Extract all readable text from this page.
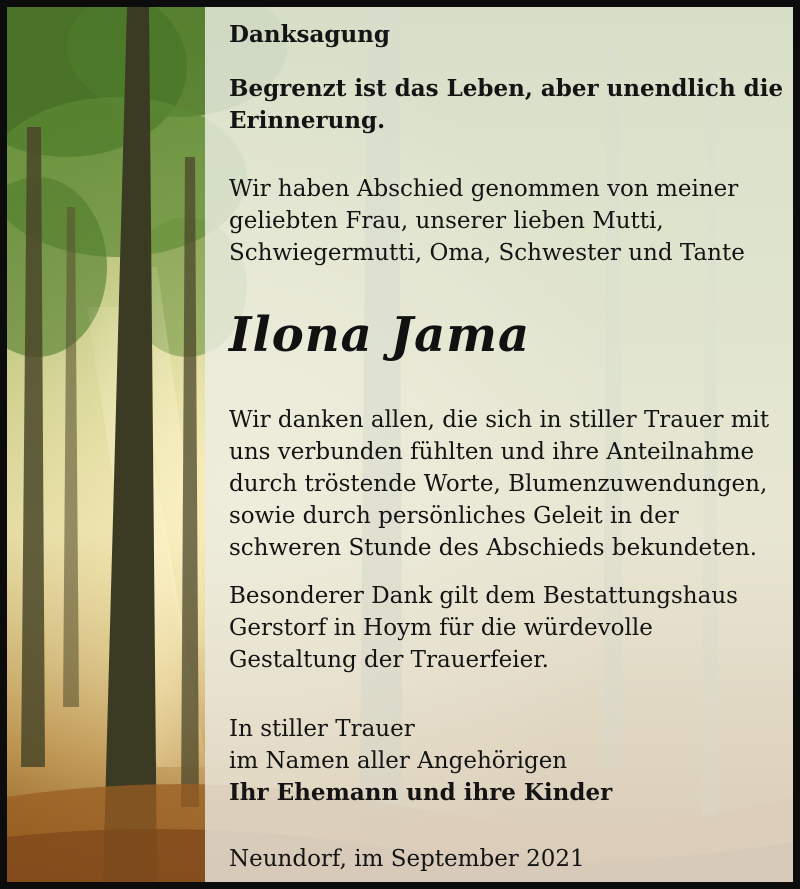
Danksagung
Begrenzt ist das Leben, aber unendlich die
Erinnerung.
Wir haben Abschied genommen von meiner
geliebten Frau, unserer lieben Mutti,
Schwiegermutti, Oma, Schwester und Tante
Ilona Jama
Wir danken allen, die sich in stiller Trauer mit
uns verbunden fühlten und ihre Anteilnahme
durch tröstende Worte, Blumenzuwendungen,
sowie durch persönliches Geleit in der
schweren Stunde des Abschieds bekundeten.
Besonderer Dank gilt dem Bestattungshaus
Gerstorf in Hoym für die würdevolle
Gestaltung der Trauerfeier.
In stiller Trauer
im Namen aller Angehörigen
Ihr Ehemann und ihre Kinder
Neundorf, im September 2021
